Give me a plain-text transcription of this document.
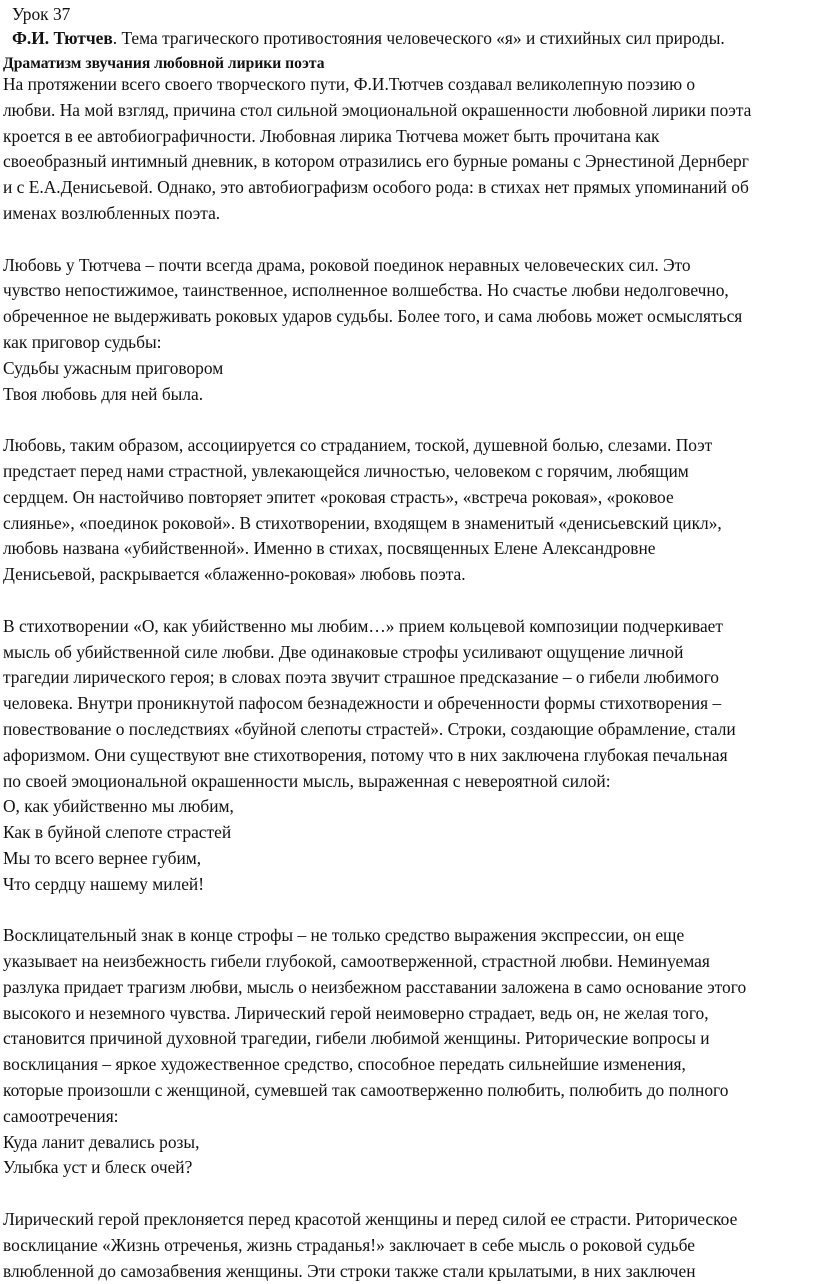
Урок 37
Ф.И. Тютчев. Тема трагического противостояния человеческого «я» и стихийных сил природы.
Драматизм звучания любовной лирики поэта

На протяжении всего своего творческого пути, Ф.И.Тютчев создавал великолепную поэзию о

любви. На мой взгляд, причина стол сильной эмоциональной окрашенности любовной лирики поэта

кроется в ее автобиографичности. Любовная лирика Тютчева может быть прочитана как

своеобразный интимный дневник, в котором отразились его бурные романы с Эрнестиной Дернберг

и с Е.А.Денисьевой. Однако, это автобиографизм особого рода: в стихах нет прямых упоминаний об

именах возлюбленных поэта.

Любовь у Тютчева – почти всегда драма, роковой поединок неравных человеческих сил. Это

чувство непостижимое, таинственное, исполненное волшебства. Но счастье любви недолговечно,

обреченное не выдерживать роковых ударов судьбы. Более того, и сама любовь может осмысляться

как приговор судьбы:

Судьбы ужасным приговором

Твоя любовь для ней была.

Любовь, таким образом, ассоциируется со страданием, тоской, душевной болью, слезами. Поэт

предстает перед нами страстной, увлекающейся личностью, человеком с горячим, любящим

сердцем. Он настойчиво повторяет эпитет «роковая страсть», «встреча роковая», «роковое

слиянье», «поединок роковой». В стихотворении, входящем в знаменитый «денисьевский цикл»,

любовь названа «убийственной». Именно в стихах, посвященных Елене Александровне

Денисьевой, раскрывается «блаженно-роковая» любовь поэта.

В стихотворении «О, как убийственно мы любим…» прием кольцевой композиции подчеркивает

мысль об убийственной силе любви. Две одинаковые строфы усиливают ощущение личной

трагедии лирического героя; в словах поэта звучит страшное предсказание – о гибели любимого

человека. Внутри проникнутой пафосом безнадежности и обреченности формы стихотворения –

повествование о последствиях «буйной слепоты страстей». Строки, создающие обрамление, стали

афоризмом. Они существуют вне стихотворения, потому что в них заключена глубокая печальная

по своей эмоциональной окрашенности мысль, выраженная с невероятной силой:

О, как убийственно мы любим,

Как в буйной слепоте страстей

Мы то всего вернее губим,

Что сердцу нашему милей!

Восклицательный знак в конце строфы – не только средство выражения экспрессии, он еще

указывает на неизбежность гибели глубокой, самоотверженной, страстной любви. Неминуемая

разлука придает трагизм любви, мысль о неизбежном расставании заложена в само основание этого

высокого и неземного чувства. Лирический герой неимоверно страдает, ведь он, не желая того,

становится причиной духовной трагедии, гибели любимой женщины. Риторические вопросы и

восклицания – яркое художественное средство, способное передать сильнейшие изменения,

которые произошли с женщиной, сумевшей так самоотверженно полюбить, полюбить до полного

самоотречения:

Куда ланит девались розы,

Улыбка уст и блеск очей?

Лирический герой преклоняется перед красотой женщины и перед силой ее страсти. Риторическое

восклицание «Жизнь отреченья, жизнь страданья!» заключает в себе мысль о роковой судьбе

влюбленной до самозабвения женщины. Эти строки также стали крылатыми, в них заключен
